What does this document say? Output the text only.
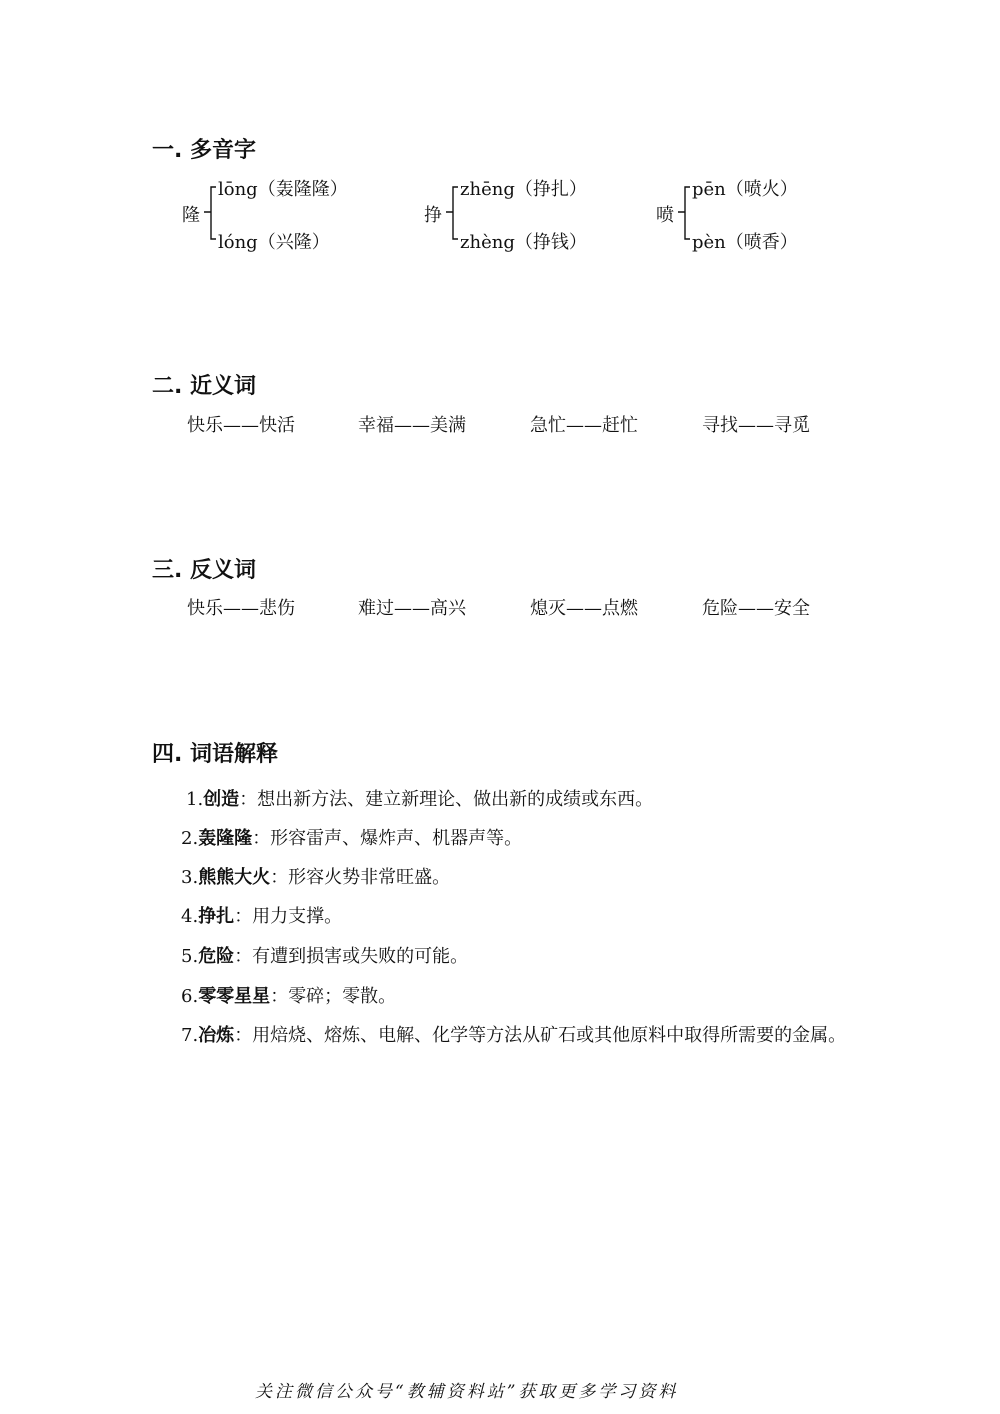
一. 多音字
隆
lōng（轰隆隆）
lóng（兴隆）
挣
zhēng（挣扎）
zhèng（挣钱）
喷
pēn（喷火）
pèn（喷香）
二. 近义词
快乐——快活	幸福——美满	急忙——赶忙	寻找——寻觅
三. 反义词
快乐——悲伤	难过——高兴	熄灭——点燃	危险——安全
四. 词语解释
1.创造：想出新方法、建立新理论、做出新的成绩或东西。
2.轰隆隆：形容雷声、爆炸声、机器声等。
3.熊熊大火：形容火势非常旺盛。
4.挣扎：用力支撑。
5.危险：有遭到损害或失败的可能。
6.零零星星：零碎；零散。
7.冶炼：用焙烧、熔炼、电解、化学等方法从矿石或其他原料中取得所需要的金属。
关注微信公众号“教辅资料站”获取更多学习资料
